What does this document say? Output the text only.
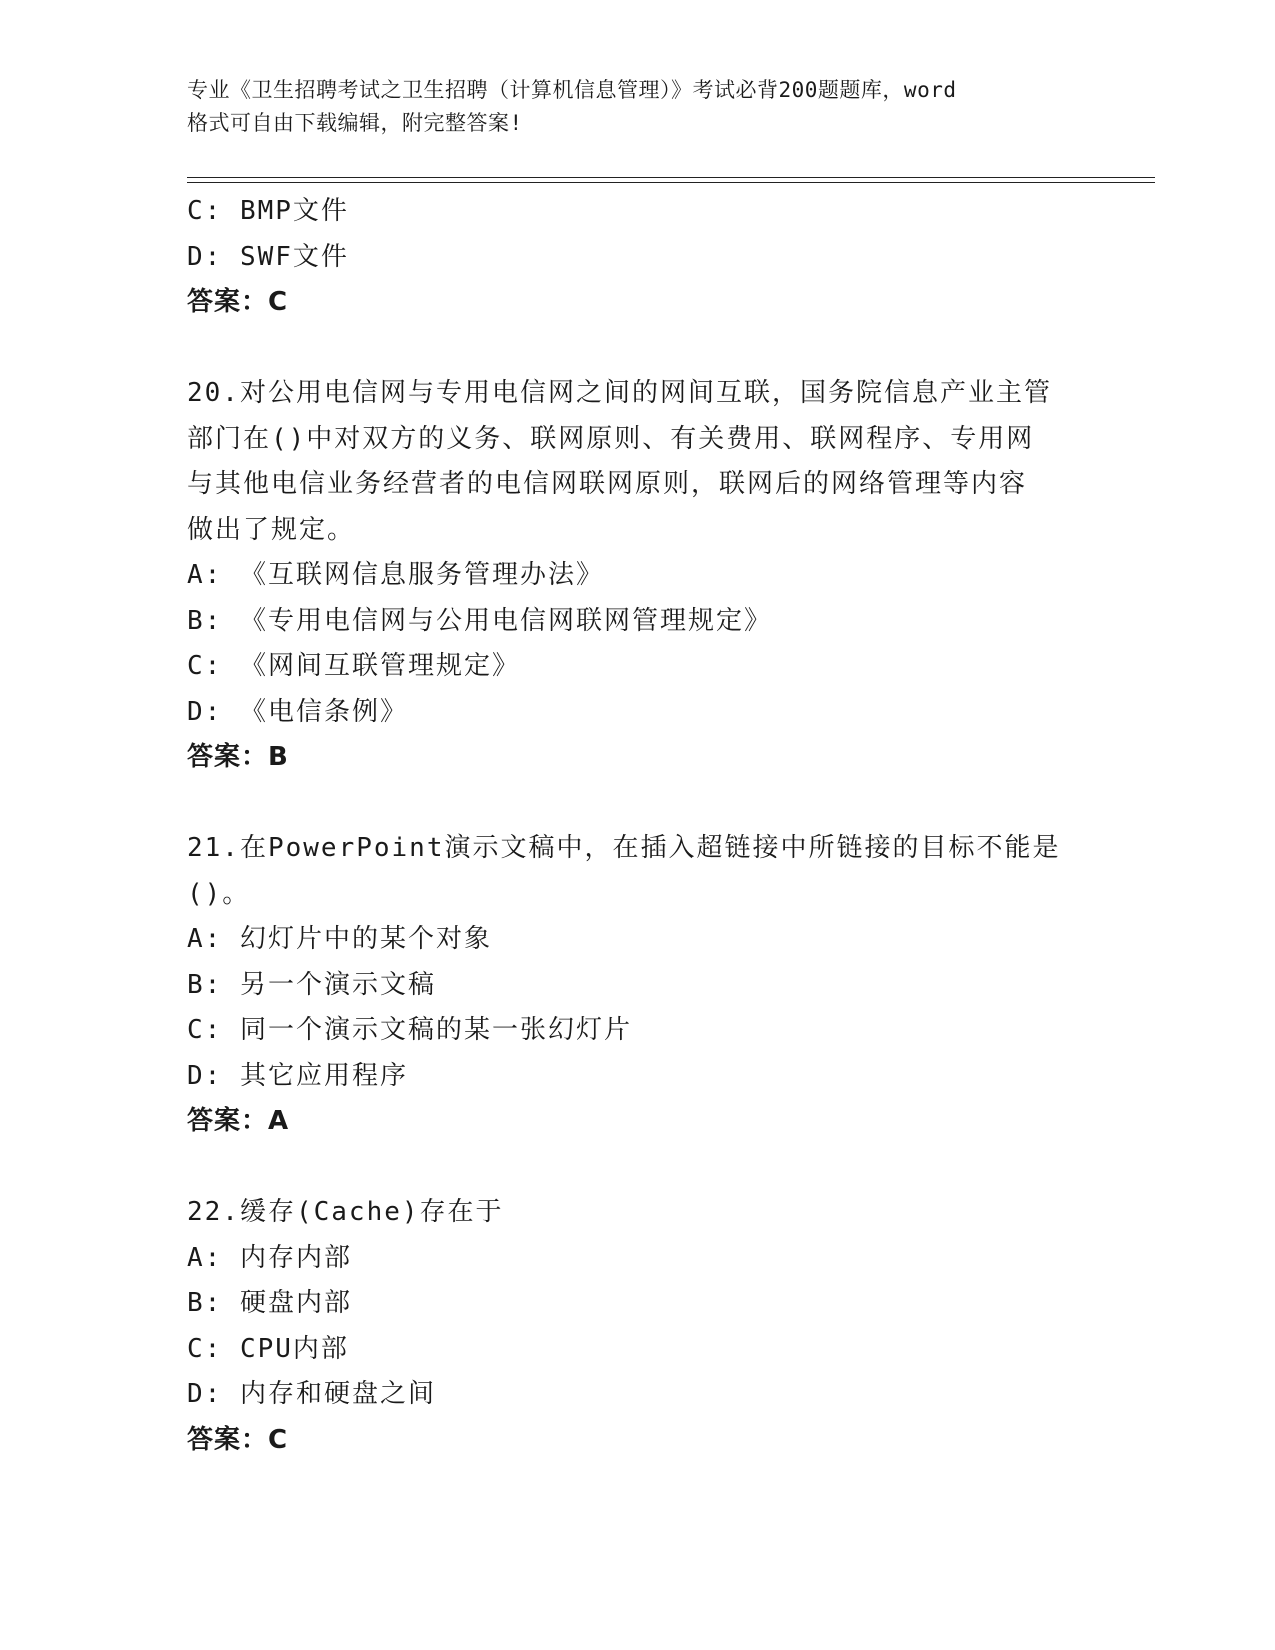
专业《卫生招聘考试之卫生招聘（计算机信息管理）》考试必背200题题库，word
格式可自由下载编辑，附完整答案!
C: BMP文件
D: SWF文件
答案：C
20.对公用电信网与专用电信网之间的网间互联，国务院信息产业主管
部门在()中对双方的义务、联网原则、有关费用、联网程序、专用网
与其他电信业务经营者的电信网联网原则，联网后的网络管理等内容
做出了规定。
A: 《互联网信息服务管理办法》
B: 《专用电信网与公用电信网联网管理规定》
C: 《网间互联管理规定》
D: 《电信条例》
答案：B
21.在PowerPoint演示文稿中，在插入超链接中所链接的目标不能是
()。
A: 幻灯片中的某个对象
B: 另一个演示文稿
C: 同一个演示文稿的某一张幻灯片
D: 其它应用程序
答案：A
22.缓存(Cache)存在于
A: 内存内部
B: 硬盘内部
C: CPU内部
D: 内存和硬盘之间
答案：C
